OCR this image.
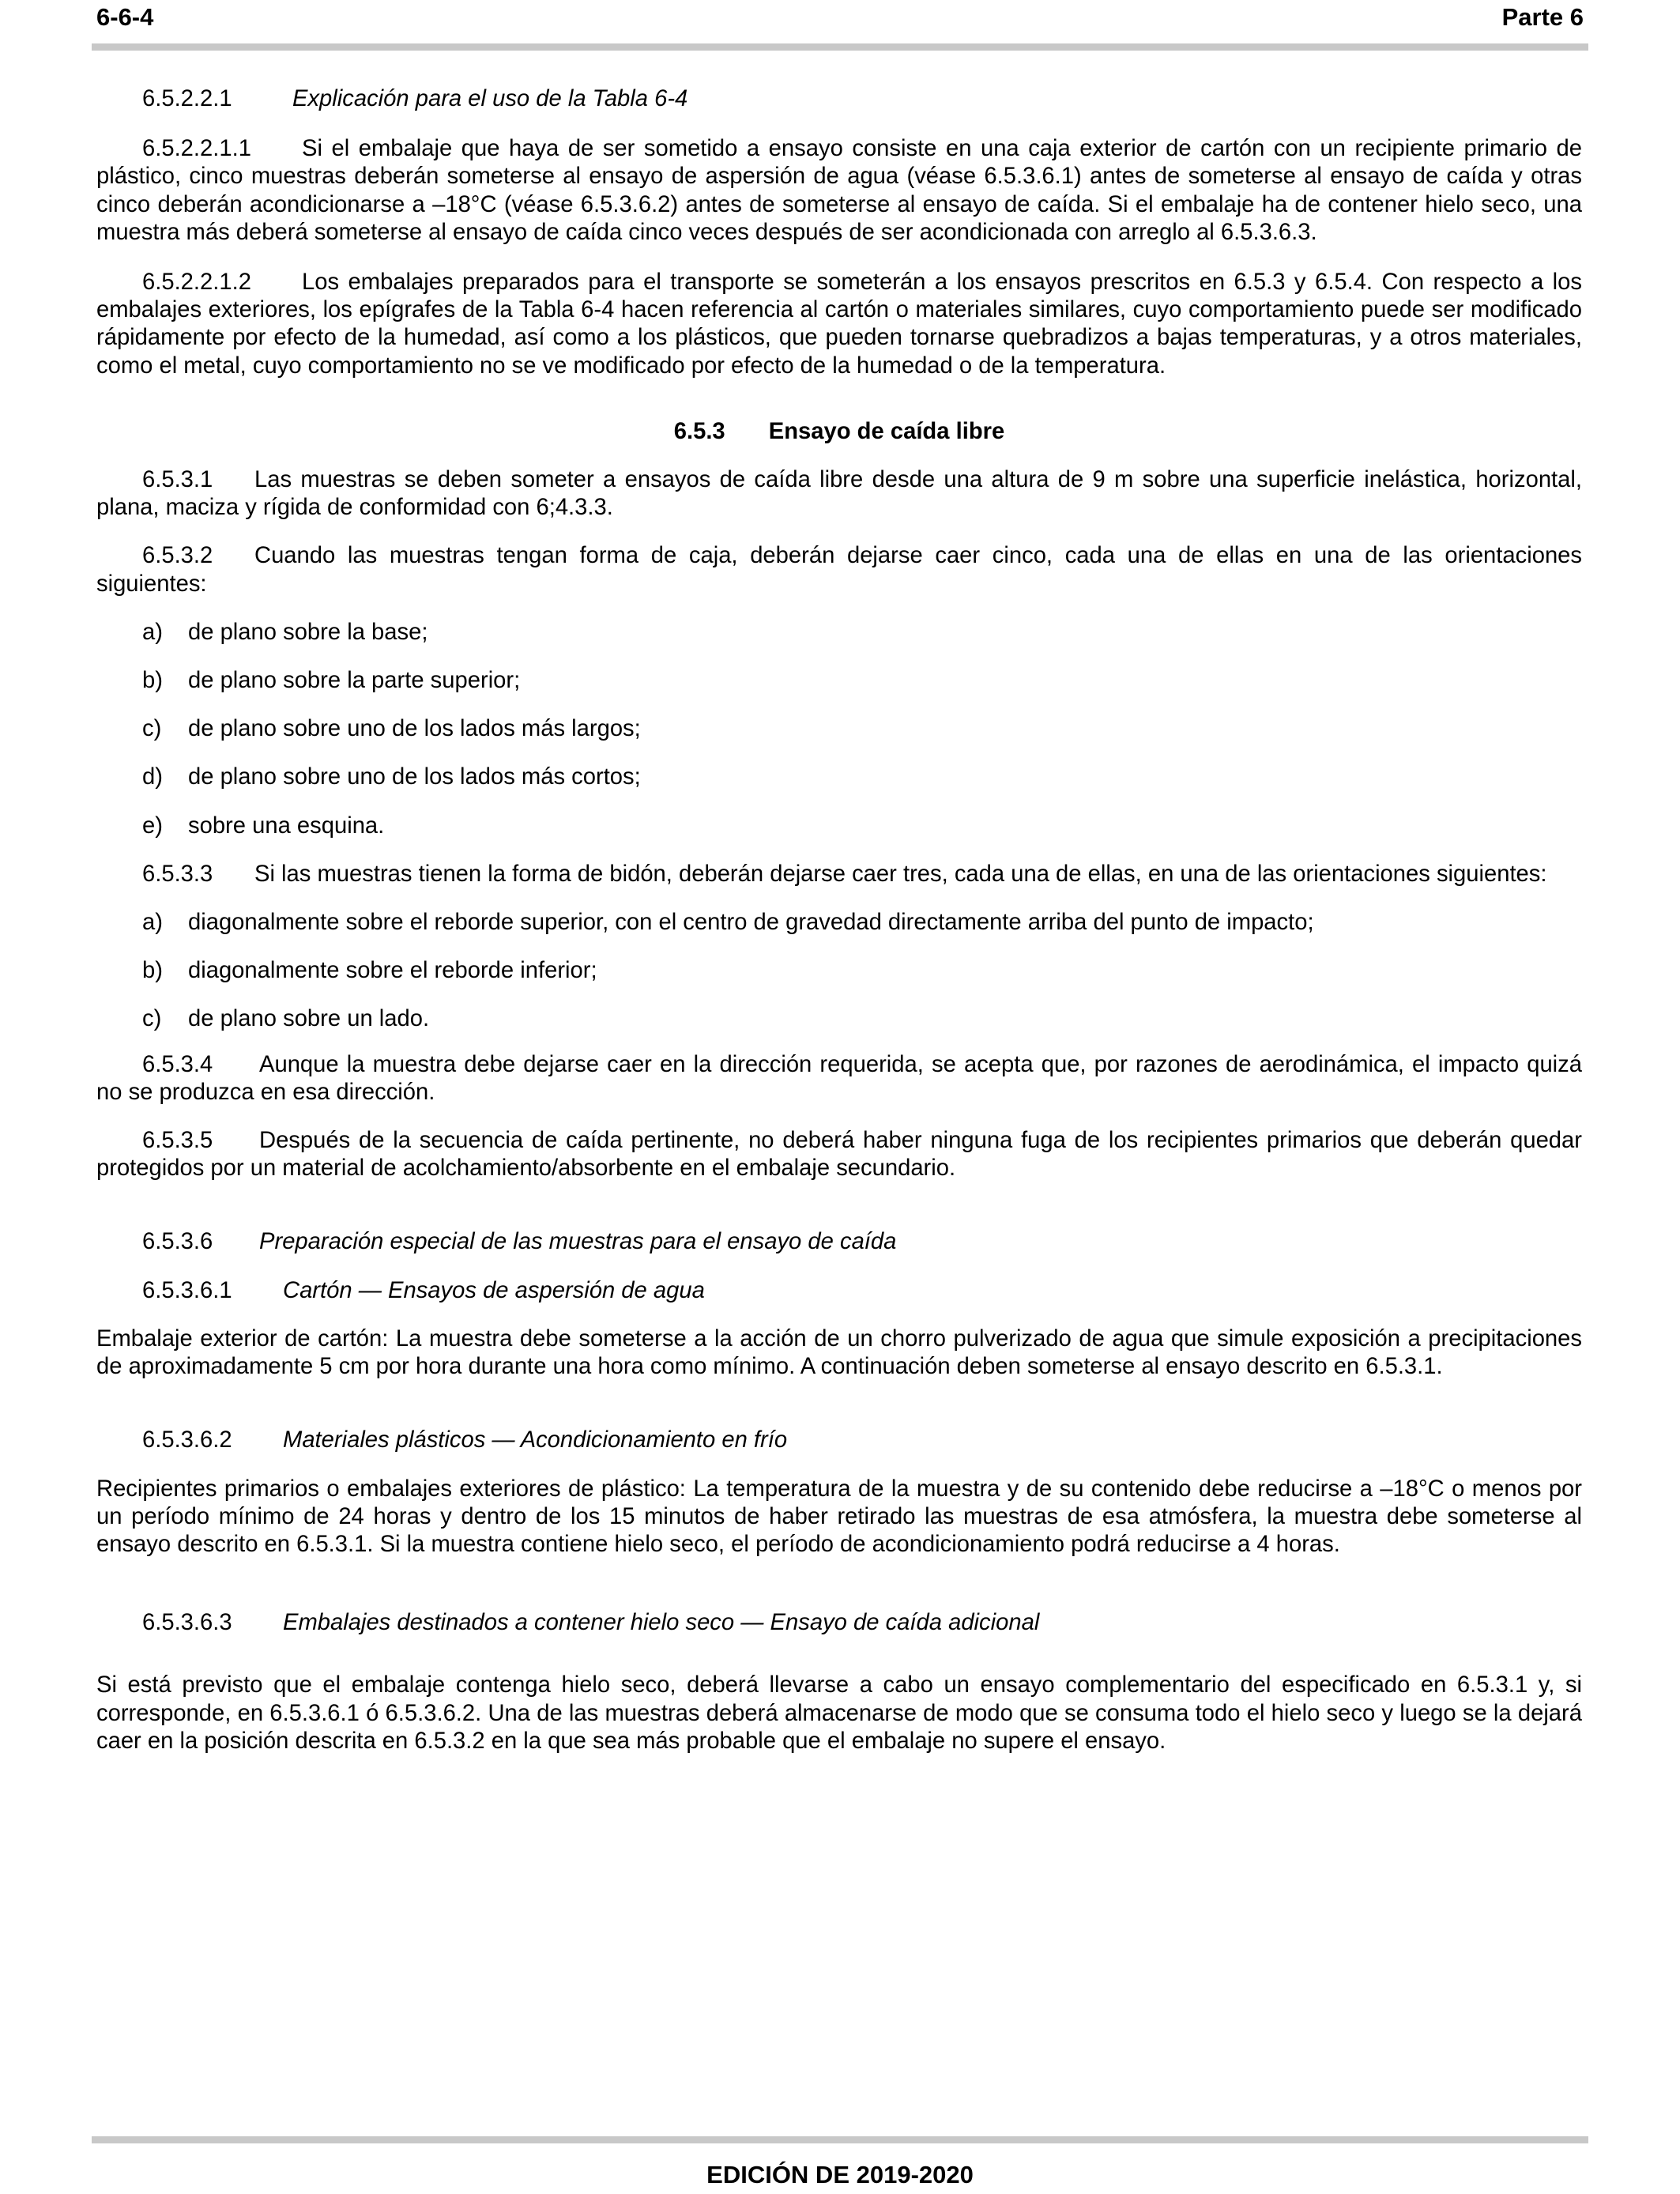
6-6-4	Parte 6

6.5.2.2.1	Explicación para el uso de la Tabla 6-4

6.5.2.2.1.1 Si el embalaje que haya de ser sometido a ensayo consiste en una caja exterior de cartón con un recipiente primario de plástico, cinco muestras deberán someterse al ensayo de aspersión de agua (véase 6.5.3.6.1) antes de someterse al ensayo de caída y otras cinco deberán acondicionarse a –18°C (véase 6.5.3.6.2) antes de someterse al ensayo de caída. Si el embalaje ha de contener hielo seco, una muestra más deberá someterse al ensayo de caída cinco veces después de ser acondicionada con arreglo al 6.5.3.6.3.

6.5.2.2.1.2 Los embalajes preparados para el transporte se someterán a los ensayos prescritos en 6.5.3 y 6.5.4. Con respecto a los embalajes exteriores, los epígrafes de la Tabla 6-4 hacen referencia al cartón o materiales similares, cuyo comportamiento puede ser modificado rápidamente por efecto de la humedad, así como a los plásticos, que pueden tornarse quebradizos a bajas temperaturas, y a otros materiales, como el metal, cuyo comportamiento no se ve modificado por efecto de la humedad o de la temperatura.

6.5.3 Ensayo de caída libre

6.5.3.1 Las muestras se deben someter a ensayos de caída libre desde una altura de 9 m sobre una superficie inelástica, horizontal, plana, maciza y rígida de conformidad con 6;4.3.3.

6.5.3.2 Cuando las muestras tengan forma de caja, deberán dejarse caer cinco, cada una de ellas en una de las orientaciones siguientes:

a) de plano sobre la base;

b) de plano sobre la parte superior;

c) de plano sobre uno de los lados más largos;

d) de plano sobre uno de los lados más cortos;

e) sobre una esquina.

6.5.3.3 Si las muestras tienen la forma de bidón, deberán dejarse caer tres, cada una de ellas, en una de las orientaciones siguientes:

a) diagonalmente sobre el reborde superior, con el centro de gravedad directamente arriba del punto de impacto;

b) diagonalmente sobre el reborde inferior;

c) de plano sobre un lado.

6.5.3.4 Aunque la muestra debe dejarse caer en la dirección requerida, se acepta que, por razones de aerodinámica, el impacto quizá no se produzca en esa dirección.

6.5.3.5 Después de la secuencia de caída pertinente, no deberá haber ninguna fuga de los recipientes primarios que deberán quedar protegidos por un material de acolchamiento/absorbente en el embalaje secundario.

6.5.3.6 Preparación especial de las muestras para el ensayo de caída

6.5.3.6.1 Cartón — Ensayos de aspersión de agua

Embalaje exterior de cartón: La muestra debe someterse a la acción de un chorro pulverizado de agua que simule exposición a precipitaciones de aproximadamente 5 cm por hora durante una hora como mínimo. A continuación deben someterse al ensayo descrito en 6.5.3.1.

6.5.3.6.2 Materiales plásticos — Acondicionamiento en frío

Recipientes primarios o embalajes exteriores de plástico: La temperatura de la muestra y de su contenido debe reducirse a –18°C o menos por un período mínimo de 24 horas y dentro de los 15 minutos de haber retirado las muestras de esa atmósfera, la muestra debe someterse al ensayo descrito en 6.5.3.1. Si la muestra contiene hielo seco, el período de acondicionamiento podrá reducirse a 4 horas.

6.5.3.6.3 Embalajes destinados a contener hielo seco — Ensayo de caída adicional

Si está previsto que el embalaje contenga hielo seco, deberá llevarse a cabo un ensayo complementario del especificado en 6.5.3.1 y, si corresponde, en 6.5.3.6.1 ó 6.5.3.6.2. Una de las muestras deberá almacenarse de modo que se consuma todo el hielo seco y luego se la dejará caer en la posición descrita en 6.5.3.2 en la que sea más probable que el embalaje no supere el ensayo.

EDICIÓN DE 2019-2020
